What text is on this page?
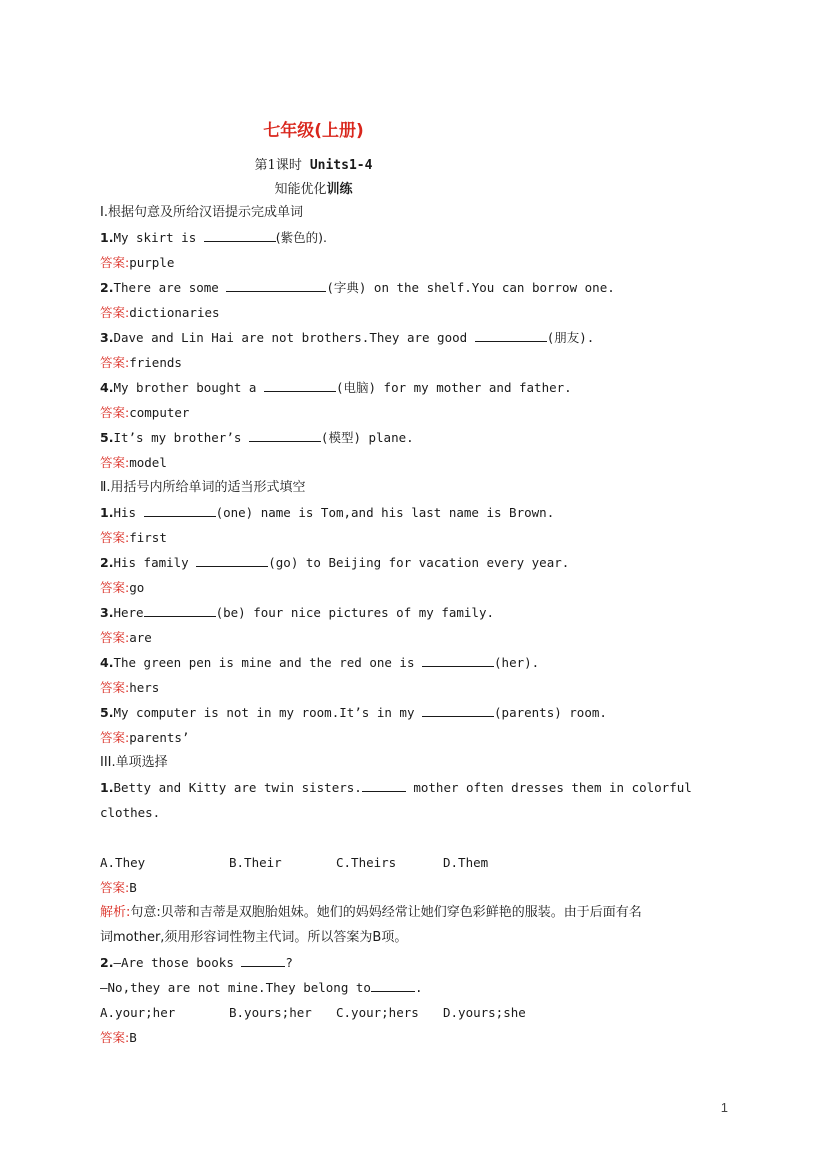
七年级(上册)
第1课时 Units1-4
知能优化训练
Ⅰ.根据句意及所给汉语提示完成单词
1.My skirt is	(紫色的).
答案:purple
2.There are some	(字典) on the shelf.You can borrow one.
答案:dictionaries
3.Dave and Lin Hai are not brothers.They are good	(朋友).
答案:friends
4.My brother bought a	(电脑) for my mother and father.
答案:computer
5.It’s my brother’s	(模型) plane.
答案:model
Ⅱ.用括号内所给单词的适当形式填空
1.His	(one) name is Tom,and his last name is Brown.
答案:first
2.His family	(go) to Beijing for vacation every year.
答案:go
3.Here	(be) four nice pictures of my family.
答案:are
4.The green pen is mine and the red one is	(her).
答案:hers
5.My computer is not in my room.It’s in my	(parents) room.
答案:parents’
III.单项选择
1.Betty and Kitty are twin sisters.	mother often dresses them in colorful
clothes.
A.They	B.Their	C.Theirs	D.Them
答案:B
解析:句意:贝蒂和吉蒂是双胞胎姐妹。她们的妈妈经常让她们穿色彩鲜艳的服装。由于后面有名
词mother,须用形容词性物主代词。所以答案为B项。
2.—Are those books	?
—No,they are not mine.They belong to	.
A.your;her	B.yours;her C.your;hers D.yours;she
答案:B
1
